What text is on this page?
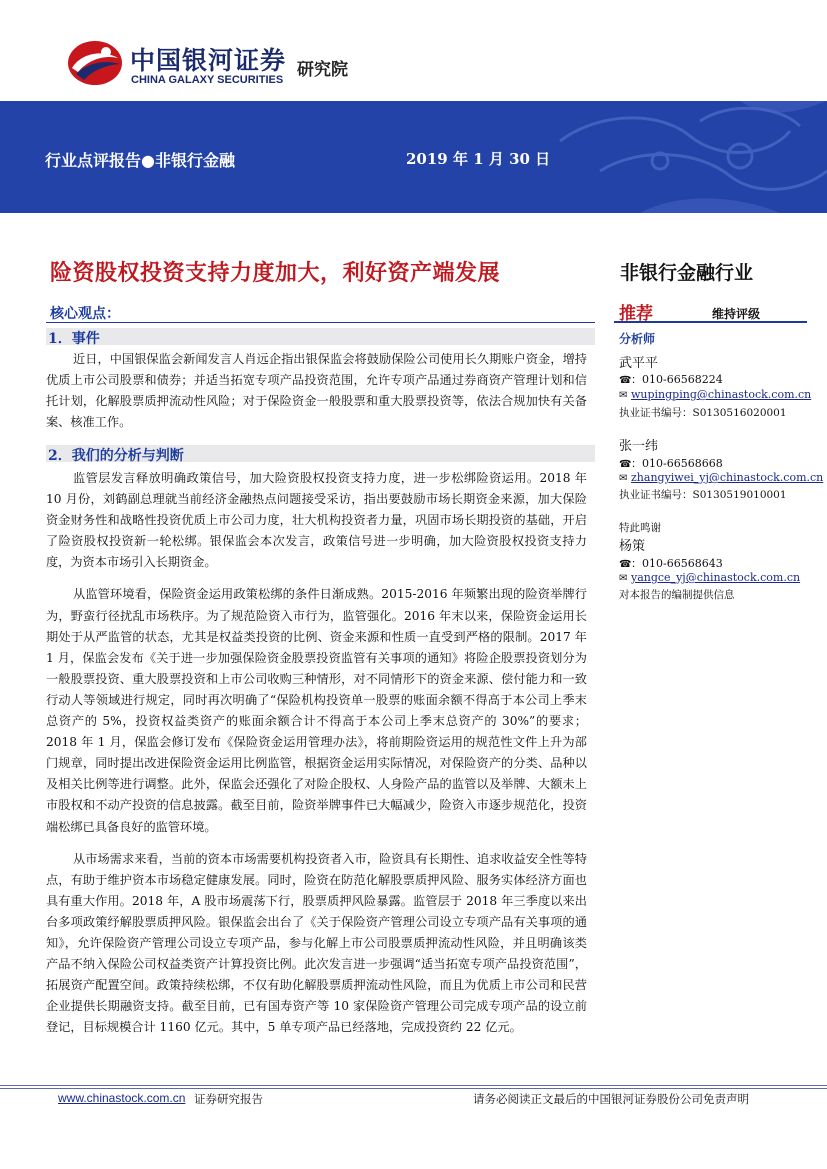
中国银河证券
CHINA GALAXY SECURITIES 研究院
行业点评报告●非银行金融	2019 年 1 月 30 日
险资股权投资支持力度加大，利好资产端发展	非银行金融行业
核心观点：
1．事件

近日，中国银保监会新闻发言人肖远企指出银保监会将鼓励保险公司使用长久期账户资金，增持优质上市公司股票和债券；并适当拓宽专项产品投资范围，允许专项产品通过券商资产管理计划和信托计划，化解股票质押流动性风险；对于保险资金一般股票和重大股票投资等，依法合规加快有关备案、核准工作。

2．我们的分析与判断

监管层发言释放明确政策信号，加大险资股权投资支持力度，进一步松绑险资运用。2018 年 10 月份，刘鹤副总理就当前经济金融热点问题接受采访，指出要鼓励市场长期资金来源，加大保险资金财务性和战略性投资优质上市公司力度，壮大机构投资者力量，巩固市场长期投资的基础，开启了险资股权投资新一轮松绑。银保监会本次发言，政策信号进一步明确，加大险资股权投资支持力度，为资本市场引入长期资金。

从监管环境看，保险资金运用政策松绑的条件日渐成熟。2015-2016 年频繁出现的险资举牌行为，野蛮行径扰乱市场秩序。为了规范险资入市行为，监管强化。2016 年末以来，保险资金运用长期处于从严监管的状态，尤其是权益类投资的比例、资金来源和性质一直受到严格的限制。2017 年 1 月，保监会发布《关于进一步加强保险资金股票投资监管有关事项的通知》将险企股票投资划分为一般股票投资、重大股票投资和上市公司收购三种情形，对不同情形下的资金来源、偿付能力和一致行动人等领域进行规定，同时再次明确了“保险机构投资单一股票的账面余额不得高于本公司上季末总资产的 5%，投资权益类资产的账面余额合计不得高于本公司上季末总资产的 30%”的要求；2018 年 1 月，保监会修订发布《保险资金运用管理办法》，将前期险资运用的规范性文件上升为部门规章，同时提出改进保险资金运用比例监管，根据资金运用实际情况，对保险资产的分类、品种以及相关比例等进行调整。此外，保监会还强化了对险企股权、人身险产品的监管以及举牌、大额未上市股权和不动产投资的信息披露。截至目前，险资举牌事件已大幅减少，险资入市逐步规范化，投资端松绑已具备良好的监管环境。

从市场需求来看，当前的资本市场需要机构投资者入市，险资具有长期性、追求收益安全性等特点，有助于维护资本市场稳定健康发展。同时，险资在防范化解股票质押风险、服务实体经济方面也具有重大作用。2018 年，A 股市场震荡下行，股票质押风险暴露。监管层于 2018 年三季度以来出台多项政策纾解股票质押风险。银保监会出台了《关于保险资产管理公司设立专项产品有关事项的通知》，允许保险资产管理公司设立专项产品，参与化解上市公司股票质押流动性风险，并且明确该类产品不纳入保险公司权益类资产计算投资比例。此次发言进一步强调“适当拓宽专项产品投资范围”，拓展资产配置空间。政策持续松绑，不仅有助化解股票质押流动性风险，而且为优质上市公司和民营企业提供长期融资支持。截至目前，已有国寿资产等 10 家保险资产管理公司完成专项产品的设立前登记，目标规模合计 1160 亿元。其中，5 单专项产品已经落地，完成投资约 22 亿元。

推荐	维持评级
分析师
武平平
☎：010-66568224
✉ wupingping@chinastock.com.cn
执业证书编号：S0130516020001
张一纬
☎：010-66568668
✉ zhangyiwei_yj@chinastock.com.cn
执业证书编号：S0130519010001
特此鸣谢
杨策
☎：010-66568643
✉ yangce_yj@chinastock.com.cn
对本报告的编制提供信息
www.chinastock.com.cn 证券研究报告	请务必阅读正文最后的中国银河证券股份公司免责声明
